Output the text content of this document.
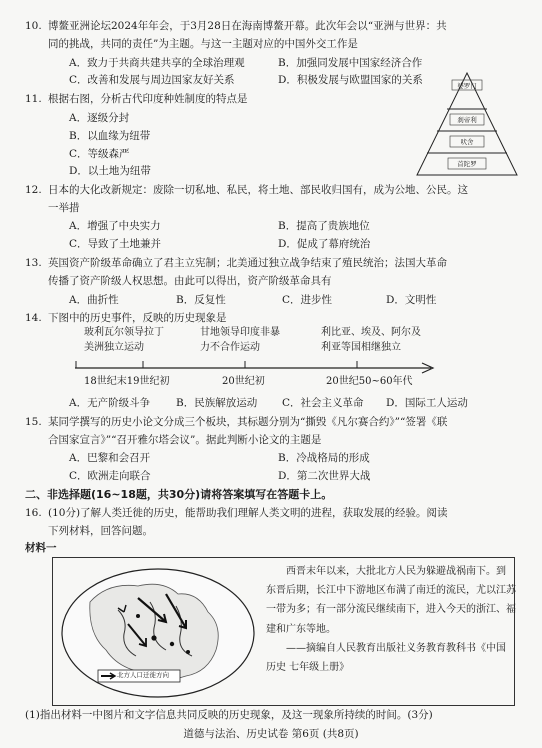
10. 博鳌亚洲论坛2024年年会，于3月28日在海南博鳌开幕。此次年会以“亚洲与世界：共
同的挑战，共同的责任”为主题。与这一主题对应的中国外交工作是
A．致力于共商共建共享的全球治理观	B．加强同发展中国家经济合作
C．改善和发展与周边国家友好关系	D．积极发展与欧盟国家的关系
11. 根据右图，分析古代印度种姓制度的特点是
A．逐级分封
B．以血缘为纽带
C．等级森严
D．以土地为纽带
婆罗门
刹帝利
吠舍
首陀罗
12. 日本的大化改新规定：废除一切私地、私民，将土地、部民收归国有，成为公地、公民。这
一举措
A．增强了中央实力	B．提高了贵族地位
C．导致了土地兼并	D．促成了幕府统治
13. 英国资产阶级革命确立了君主立宪制；北美通过独立战争结束了殖民统治；法国大革命
传播了资产阶级人权思想。由此可以得出，资产阶级革命具有
A．曲折性	B．反复性	C．进步性	D．文明性
14. 下图中的历史事件，反映的历史现象是
玻利瓦尔领导拉丁
美洲独立运动
甘地领导印度非暴
力不合作运动
利比亚、埃及、阿尔及
利亚等国相继独立
18世纪末19世纪初	20世纪初	20世纪50~60年代
A．无产阶级斗争 B．民族解放运动 C．社会主义革命 D．国际工人运动
15. 某同学撰写的历史小论文分成三个板块，其标题分别为“撕毁《凡尔赛合约》”“签署《联
合国家宣言》”“召开雅尔塔会议”。据此判断小论文的主题是
A．巴黎和会召开	B．冷战格局的形成
C．欧洲走向联合	D．第二次世界大战
二、非选择题(16~18题，共30分)请将答案填写在答题卡上。
16. (10分)了解人类迁徙的历史，能帮助我们理解人类文明的进程，获取发展的经验。阅读
下列材料，回答问题。
材料一
北方人口迁徙方向
西晋末年以来，大批北方人民为躲避战祸南下。到
东晋后期，长江中下游地区布满了南迁的流民，尤以江苏
一带为多；有一部分流民继续南下，进入今天的浙江、福
建和广东等地。
——摘编自人民教育出版社义务教育教科书《中国
历史 七年级上册》
(1)指出材料一中图片和文字信息共同反映的历史现象，及这一现象所持续的时间。(3分)
道德与法治、历史试卷 第6页 (共8页)
